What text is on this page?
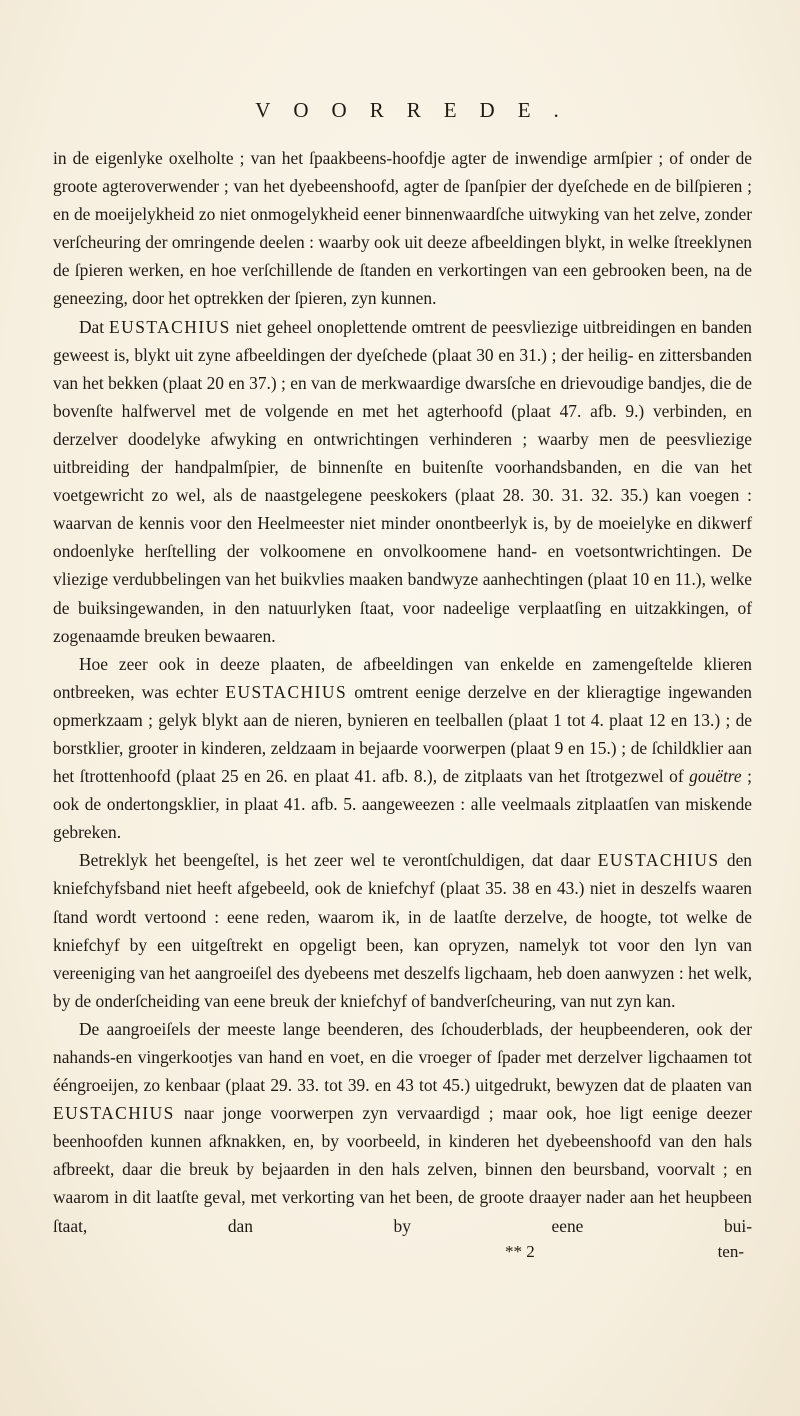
VOORREDE.

in de eigenlyke oxelholte ; van het ſpaakbeens-hoofdje agter de inwendige armſpier ; of onder de groote agteroverwender ; van het dyebeenshoofd, agter de ſpanſpier der dyeſchede en de bilſpieren ; en de moeijelykheid zo niet onmogelykheid eener binnenwaardſche uitwyking van het zelve, zonder verſcheuring der omringende deelen : waarby ook uit deeze afbeeldingen blykt, in welke ſtreeklynen de ſpieren werken, en hoe verſchillende de ſtanden en verkortingen van een gebrooken been, na de geneezing, door het optrekken der ſpieren, zyn kunnen.

Dat EUSTACHIUS niet geheel onoplettende omtrent de peesvliezige uitbreidingen en banden geweest is, blykt uit zyne afbeeldingen der dyeſchede (plaat 30 en 31.) ; der heilig- en zittersbanden van het bekken (plaat 20 en 37.) ; en van de merkwaardige dwarsſche en drievoudige bandjes, die de bovenſte halfwervel met de volgende en met het agterhoofd (plaat 47. afb. 9.) verbinden, en derzelver doodelyke afwyking en ontwrichtingen verhinderen ; waarby men de peesvliezige uitbreiding der handpalmſpier, de binnenſte en buitenſte voorhandsbanden, en die van het voetgewricht zo wel, als de naastgelegene peeskokers (plaat 28. 30. 31. 32. 35.) kan voegen : waarvan de kennis voor den Heelmeester niet minder onontbeerlyk is, by de moeielyke en dikwerf ondoenlyke herſtelling der volkoomene en onvolkoomene hand- en voetsontwrichtingen. De vliezige verdubbelingen van het buikvlies maaken bandwyze aanhechtingen (plaat 10 en 11.), welke de buiksingewanden, in den natuurlyken ſtaat, voor nadeelige verplaatſing en uitzakkingen, of zogenaamde breuken bewaaren.

Hoe zeer ook in deeze plaaten, de afbeeldingen van enkelde en zamengeſtelde klieren ontbreeken, was echter EUSTACHIUS omtrent eenige derzelve en der klieragtige ingewanden opmerkzaam ; gelyk blykt aan de nieren, bynieren en teelballen (plaat 1 tot 4. plaat 12 en 13.) ; de borstklier, grooter in kinderen, zeldzaam in bejaarde voorwerpen (plaat 9 en 15.) ; de ſchildklier aan het ſtrottenhoofd (plaat 25 en 26. en plaat 41. afb. 8.), de zitplaats van het ſtrotgezwel of gouëtre ; ook de ondertongsklier, in plaat 41. afb. 5. aangeweezen : alle veelmaals zitplaatſen van miskende gebreken.

Betreklyk het beengeſtel, is het zeer wel te verontſchuldigen, dat daar EUSTACHIUS den kniefchyfsband niet heeft afgebeeld, ook de kniefchyf (plaat 35. 38 en 43.) niet in deszelfs waaren ſtand wordt vertoond : eene reden, waarom ik, in de laatſte derzelve, de hoogte, tot welke de kniefchyf by een uitgeſtrekt en opgeligt been, kan opryzen, namelyk tot voor den lyn van vereeniging van het aangroeiſel des dyebeens met deszelfs ligchaam, heb doen aanwyzen : het welk, by de onderſcheiding van eene breuk der kniefchyf of bandverſcheuring, van nut zyn kan.

De aangroeiſels der meeste lange beenderen, des ſchouderblads, der heupbeenderen, ook der nahands-en vingerkootjes van hand en voet, en die vroeger of ſpader met derzelver ligchaamen tot ééngroeijen, zo kenbaar (plaat 29. 33. tot 39. en 43 tot 45.) uitgedrukt, bewyzen dat de plaaten van EUSTACHIUS naar jonge voorwerpen zyn vervaardigd ; maar ook, hoe ligt eenige deezer beenhoofden kunnen afknakken, en, by voorbeeld, in kinderen het dyebeenshoofd van den hals afbreekt, daar die breuk by bejaarden in den hals zelven, binnen den beursband, voorvalt ; en waarom in dit laatſte geval, met verkorting van het been, de groote draayer nader aan het heupbeen ſtaat, dan by eene bui-

** 2	ten-
